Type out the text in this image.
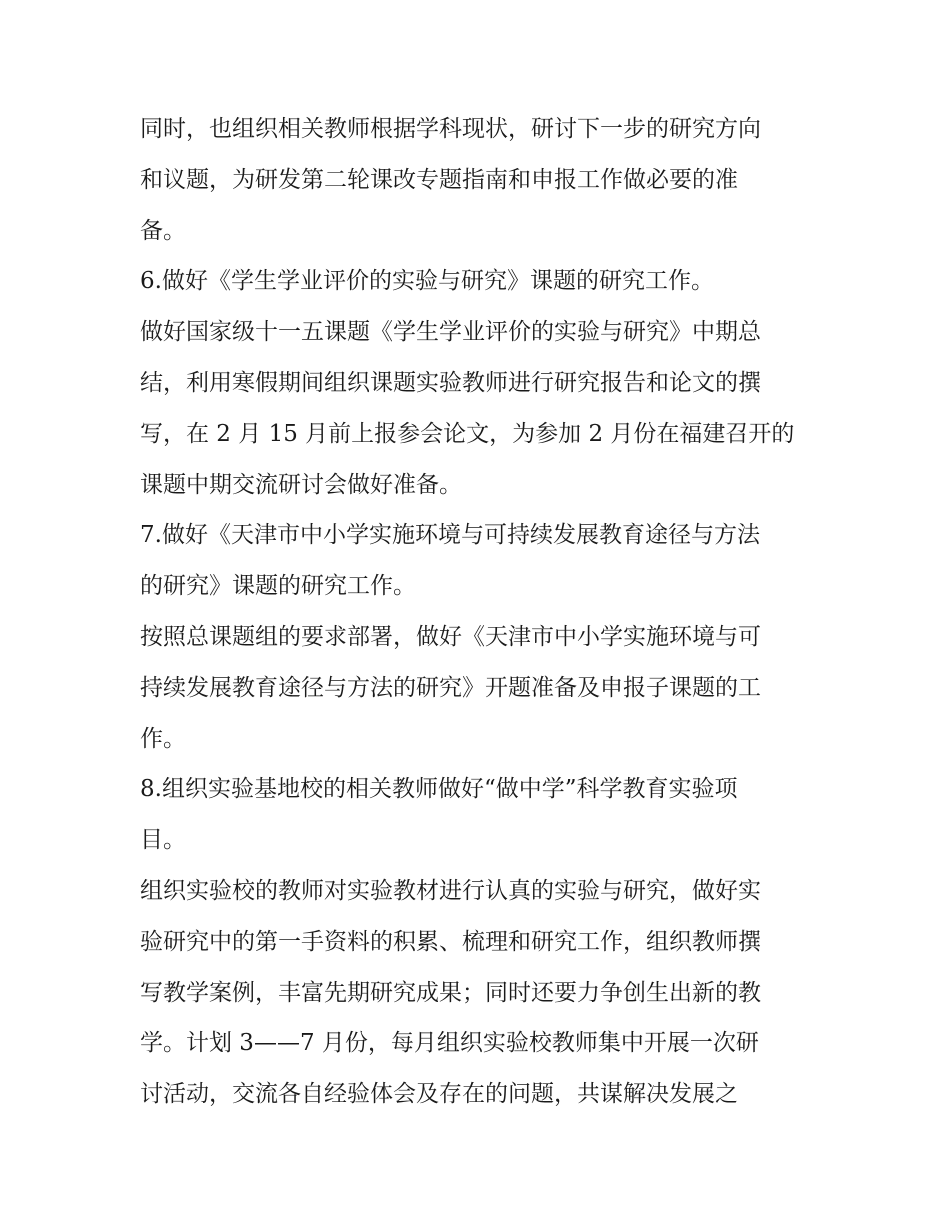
同时，也组织相关教师根据学科现状，研讨下一步的研究方向
和议题，为研发第二轮课改专题指南和申报工作做必要的准
备。
6.做好《学生学业评价的实验与研究》课题的研究工作。
做好国家级十一五课题《学生学业评价的实验与研究》中期总
结，利用寒假期间组织课题实验教师进行研究报告和论文的撰
写，在 2 月 15 月前上报参会论文，为参加 2 月份在福建召开的
课题中期交流研讨会做好准备。
7.做好《天津市中小学实施环境与可持续发展教育途径与方法
的研究》课题的研究工作。
按照总课题组的要求部署，做好《天津市中小学实施环境与可
持续发展教育途径与方法的研究》开题准备及申报子课题的工
作。
8.组织实验基地校的相关教师做好“做中学”科学教育实验项
目。
组织实验校的教师对实验教材进行认真的实验与研究，做好实
验研究中的第一手资料的积累、梳理和研究工作，组织教师撰
写教学案例，丰富先期研究成果；同时还要力争创生出新的教
学。计划 3——7 月份，每月组织实验校教师集中开展一次研
讨活动，交流各自经验体会及存在的问题，共谋解决发展之
